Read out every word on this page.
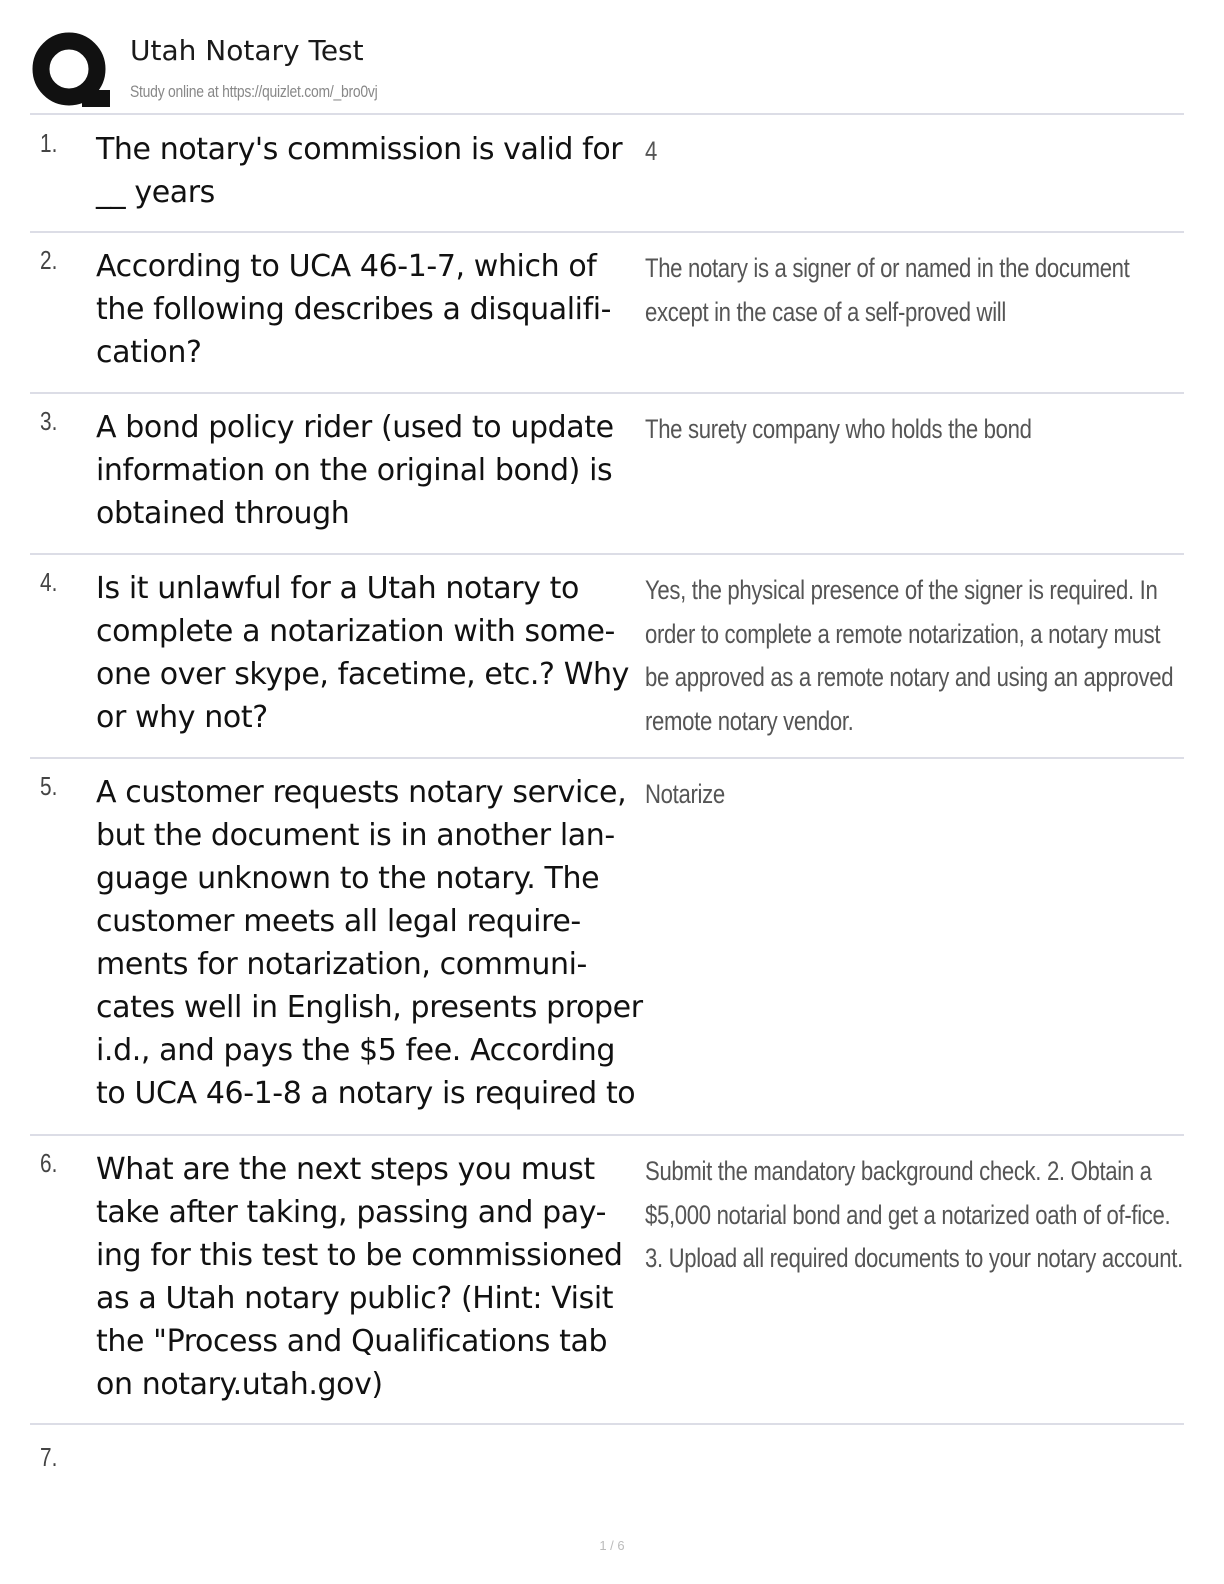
Utah Notary Test
Study online at https://quizlet.com/_bro0vj
1. The notary's commission is valid for __ years
4
2. According to UCA 46-1-7, which of the following describes a disqualifi-cation?
The notary is a signer of or named in the document except in the case of a self-proved will
3. A bond policy rider (used to update information on the original bond) is obtained through
The surety company who holds the bond
4. Is it unlawful for a Utah notary to complete a notarization with some-one over skype, facetime, etc.? Why or why not?
Yes, the physical presence of the signer is required. In order to complete a remote notarization, a notary must be approved as a remote notary and using an approved remote notary vendor.
5. A customer requests notary service, but the document is in another lan-guage unknown to the notary. The customer meets all legal require-ments for notarization, communi-cates well in English, presents proper i.d., and pays the $5 fee. According to UCA 46-1-8 a notary is required to
Notarize
6. What are the next steps you must take after taking, passing and pay-ing for this test to be commissioned as a Utah notary public? (Hint: Visit the "Process and Qualifications tab on notary.utah.gov)
Submit the mandatory background check. 2. Obtain a $5,000 notarial bond and get a notarized oath of of-fice. 3. Upload all required documents to your notary account.
7.
1 / 6
